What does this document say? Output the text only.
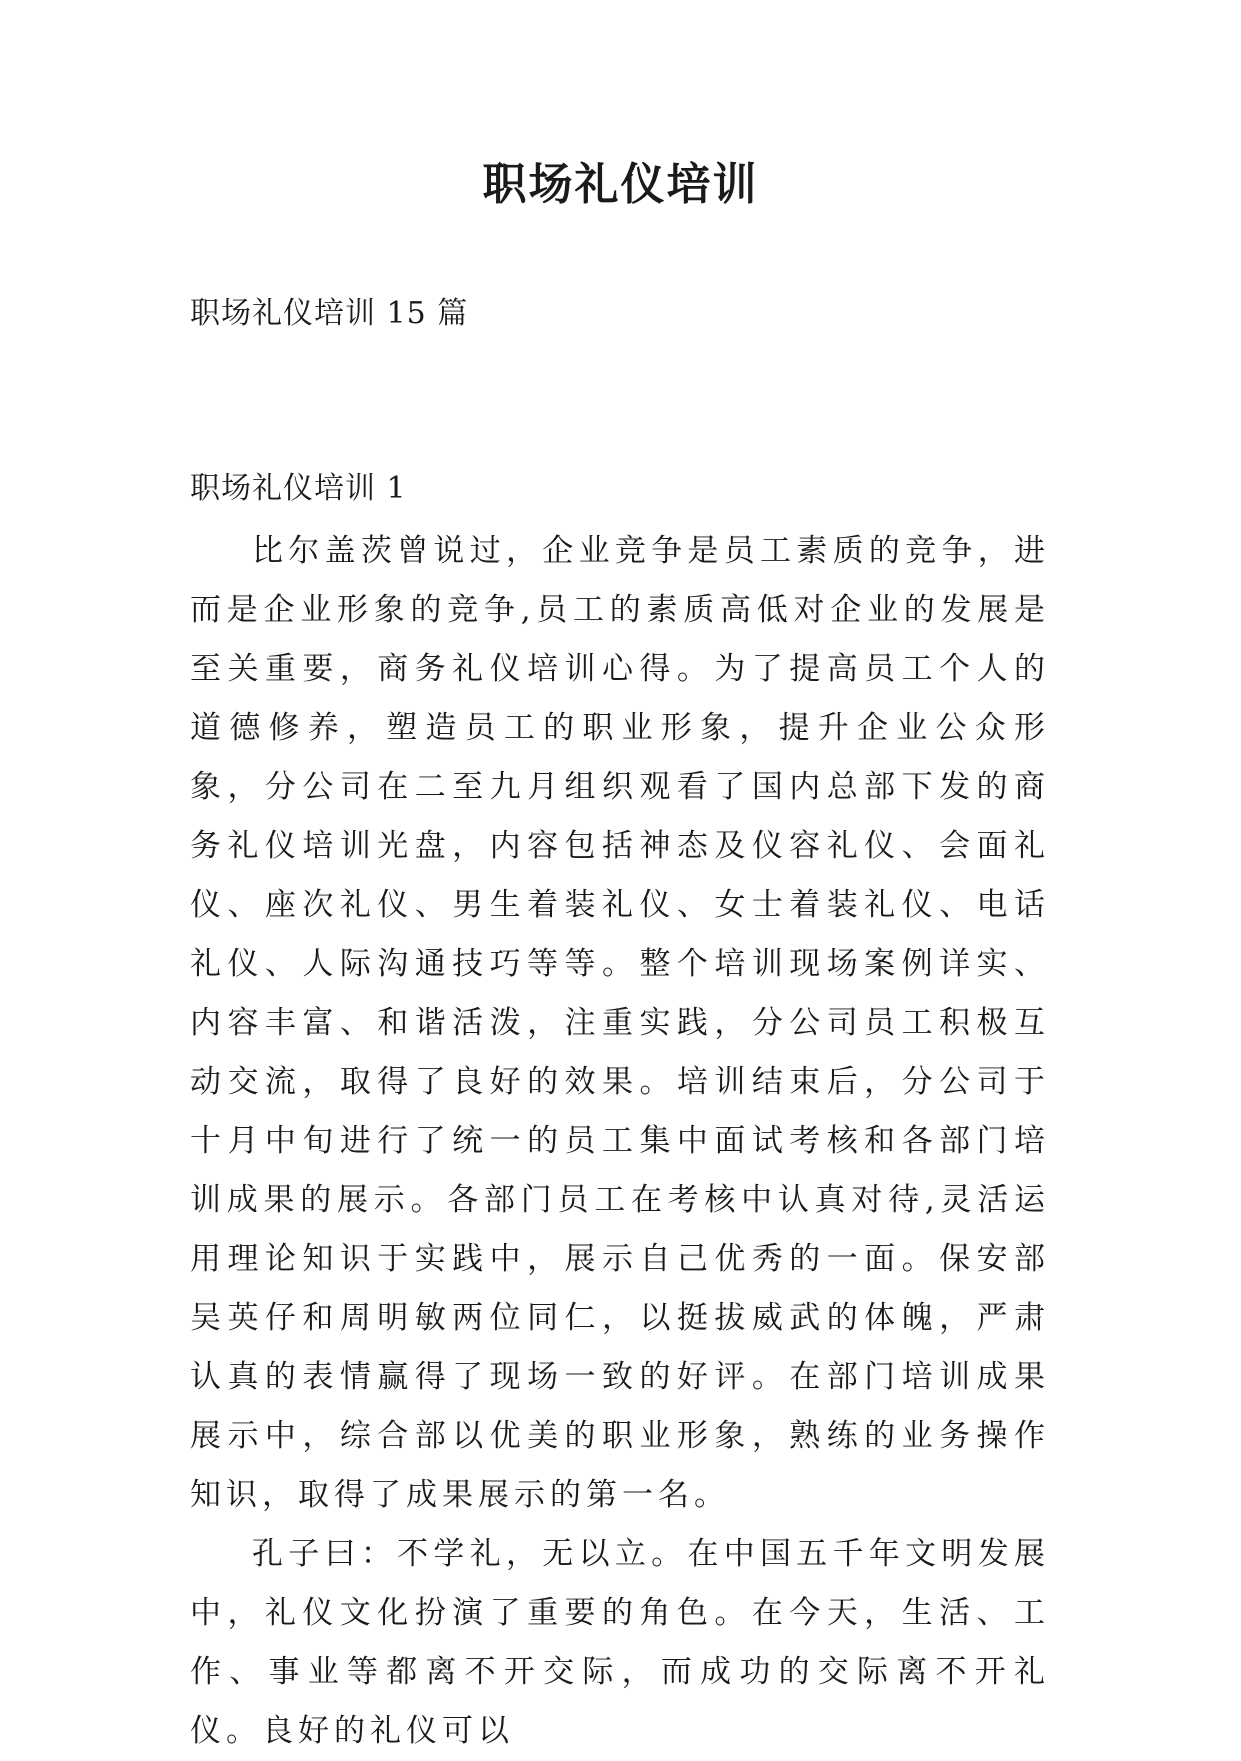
职场礼仪培训
职场礼仪培训 15 篇
职场礼仪培训 1

比尔盖茨曾说过，企业竞争是员工素质的竞争，进而是企业形象的竞争,员工的素质高低对企业的发展是至关重要，商务礼仪培训心得。为了提高员工个人的道德修养，塑造员工的职业形象，提升企业公众形象，分公司在二至九月组织观看了国内总部下发的商务礼仪培训光盘，内容包括神态及仪容礼仪、会面礼仪、座次礼仪、男生着装礼仪、女士着装礼仪、电话礼仪、人际沟通技巧等等。整个培训现场案例详实、内容丰富、和谐活泼，注重实践，分公司员工积极互动交流，取得了良好的效果。培训结束后，分公司于十月中旬进行了统一的员工集中面试考核和各部门培训成果的展示。各部门员工在考核中认真对待,灵活运用理论知识于实践中，展示自己优秀的一面。保安部吴英仔和周明敏两位同仁，以挺拔威武的体魄，严肃认真的表情赢得了现场一致的好评。在部门培训成果展示中，综合部以优美的职业形象，熟练的业务操作知识，取得了成果展示的第一名。

孔子曰：不学礼，无以立。在中国五千年文明发展中，礼仪文化扮演了重要的角色。在今天，生活、工作、事业等都离不开交际，而成功的交际离不开礼仪。良好的礼仪可以
